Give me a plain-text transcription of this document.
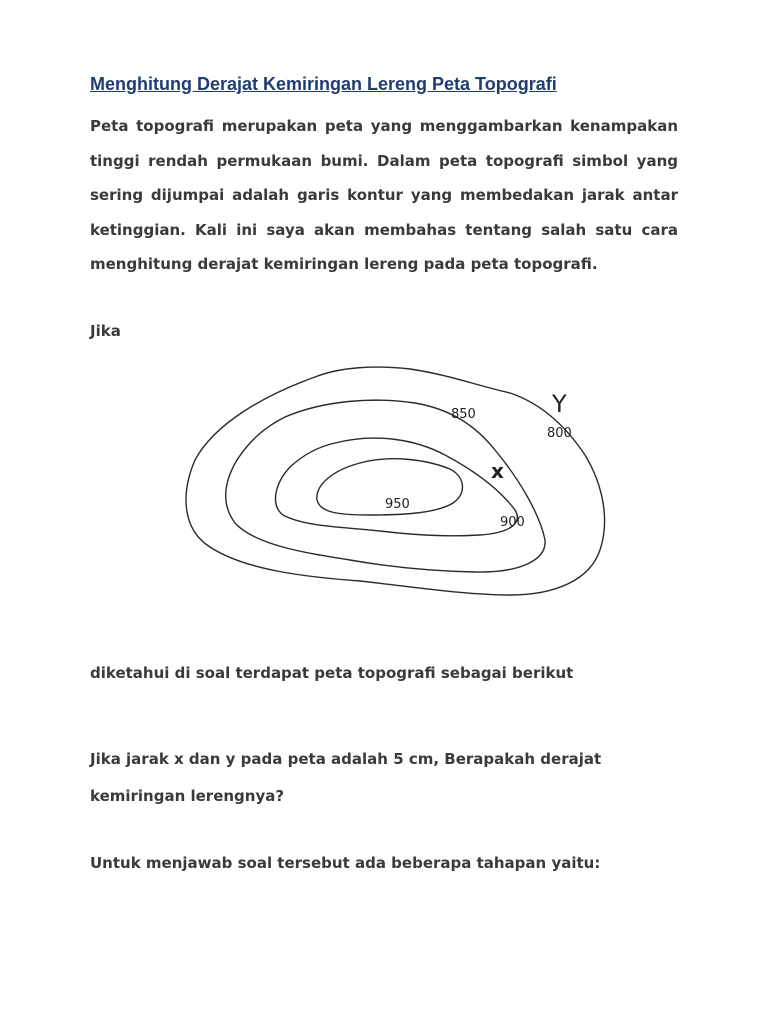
Menghitung Derajat Kemiringan Lereng Peta Topografi

Peta topografi merupakan peta yang menggambarkan kenampakan tinggi rendah permukaan bumi. Dalam peta topografi simbol yang sering dijumpai adalah garis kontur yang membedakan jarak antar ketinggian. Kali ini saya akan membahas tentang salah satu cara menghitung derajat kemiringan lereng pada peta topografi.

Jika

850
800
900
950
x
Y

diketahui di soal terdapat peta topografi sebagai berikut

Jika jarak x dan y pada peta adalah 5 cm, Berapakah derajat

kemiringan lerengnya?

Untuk menjawab soal tersebut ada beberapa tahapan yaitu:
